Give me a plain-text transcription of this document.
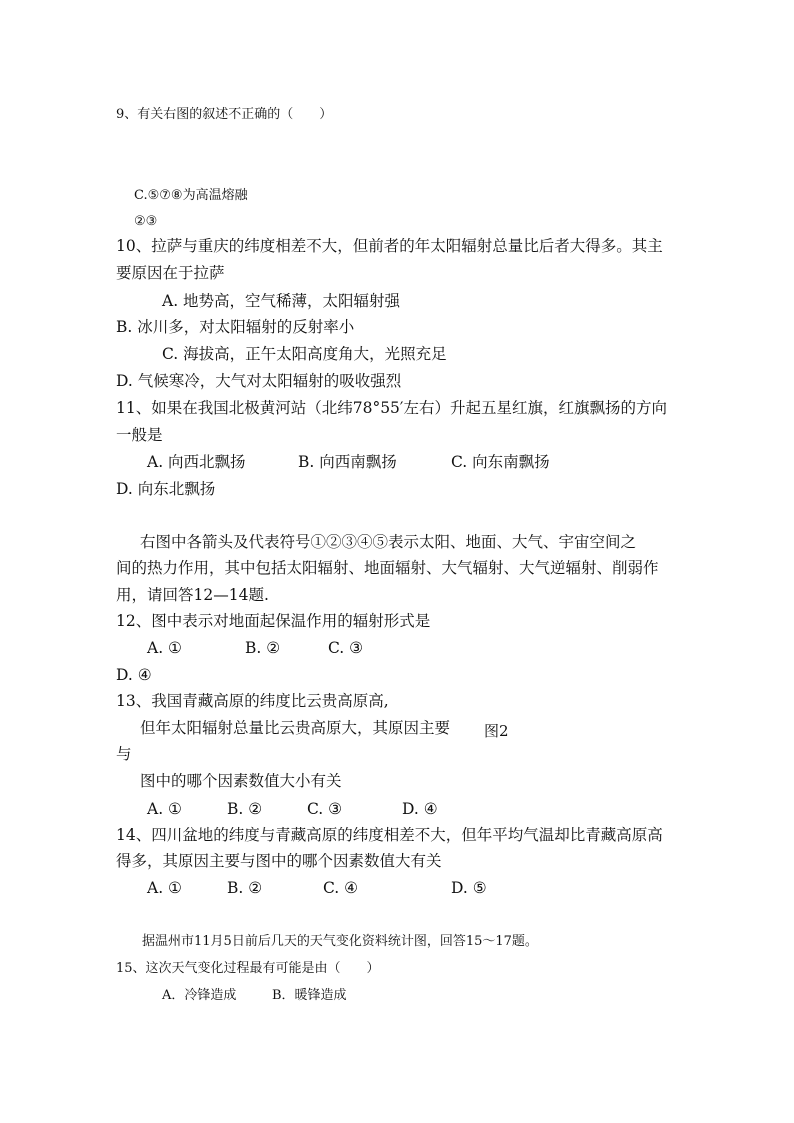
9、有关右图的叙述不正确的（　　）
C.⑤⑦⑧为高温熔融
②③
10、拉萨与重庆的纬度相差不大，但前者的年太阳辐射总量比后者大得多。其主
要原因在于拉萨
A. 地势高，空气稀薄，太阳辐射强
B. 冰川多，对太阳辐射的反射率小
C. 海拔高，正午太阳高度角大，光照充足
D. 气候寒冷，大气对太阳辐射的吸收强烈
11、如果在我国北极黄河站（北纬78°55′左右）升起五星红旗，红旗飘扬的方向
一般是
A. 向西北飘扬	B. 向西南飘扬	C. 向东南飘扬
D. 向东北飘扬
右图中各箭头及代表符号①②③④⑤表示太阳、地面、大气、宇宙空间之
间的热力作用，其中包括太阳辐射、地面辐射、大气辐射、大气逆辐射、削弱作
用，请回答12—14题.
12、图中表示对地面起保温作用的辐射形式是
A. ①	B. ②	C. ③
D. ④
13、我国青藏高原的纬度比云贵高原高,
但年太阳辐射总量比云贵高原大，其原因主要 图2
与
图中的哪个因素数值大小有关
A. ①	B. ②	C. ③	D. ④
14、四川盆地的纬度与青藏高原的纬度相差不大，但年平均气温却比青藏高原高
得多，其原因主要与图中的哪个因素数值大有关
A. ①	B. ②	C. ④	D. ⑤
据温州市11月5日前后几天的天气变化资料统计图，回答15～17题。
15、这次天气变化过程最有可能是由（　　）
A．冷锋造成	B．暖锋造成
